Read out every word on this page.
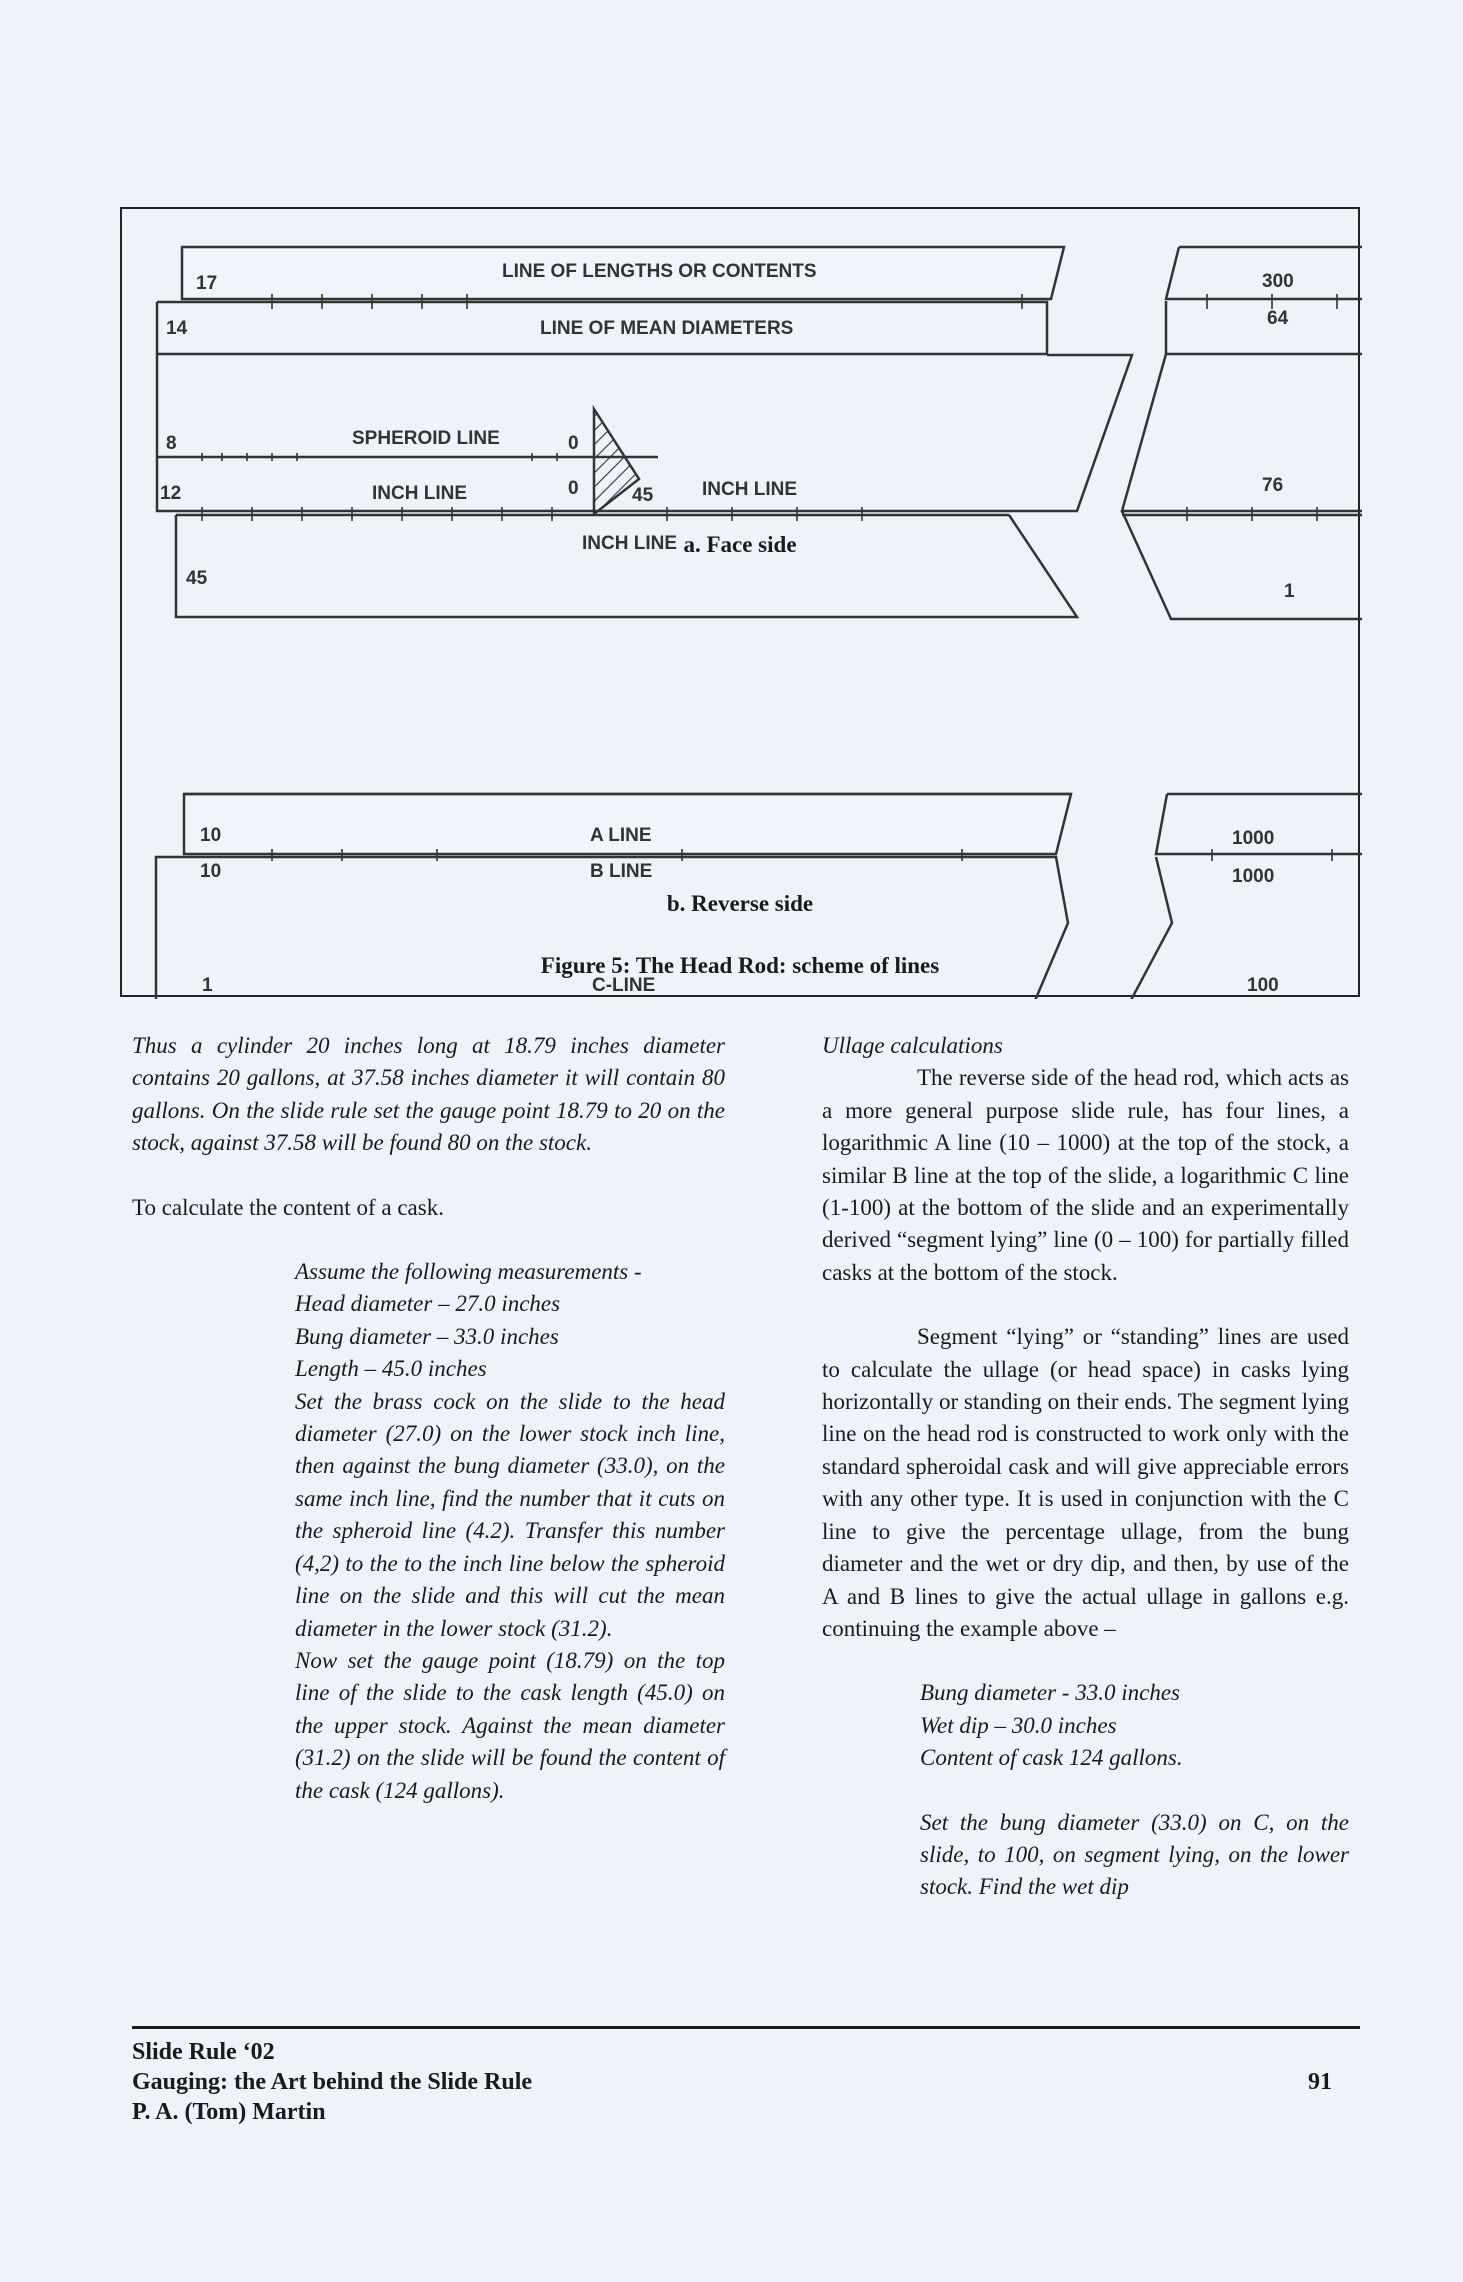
17
LINE OF LENGTHS OR CONTENTS	300
14	LINE OF MEAN DIAMETERS	64
8	SPHEROID LINE	0
12	INCH LINE	0	45	INCH LINE	76
45
INCH LINE
1
10	A LINE	1000
10	B LINE	1000
1	C-LINE	100
a. Face side
b. Reverse side
Figure 5: The Head Rod: scheme of lines

Thus a cylinder 20 inches long at 18.79 inches diameter contains 20 gallons, at 37.58 inches diameter it will contain 80 gallons. On the slide rule set the gauge point 18.79 to 20 on the stock, against 37.58 will be found 80 on the stock.

To calculate the content of a cask.

Assume the following measurements -

Head diameter – 27.0 inches

Bung diameter – 33.0 inches

Length – 45.0 inches

Set the brass cock on the slide to the head diameter (27.0) on the lower stock inch line, then against the bung diameter (33.0), on the same inch line, find the number that it cuts on the spheroid line (4.2). Transfer this number (4,2) to the to the inch line below the spheroid line on the slide and this will cut the mean diameter in the lower stock (31.2).

Now set the gauge point (18.79) on the top line of the slide to the cask length (45.0) on the upper stock. Against the mean diameter (31.2) on the slide will be found the content of the cask (124 gallons).

Ullage calculations

The reverse side of the head rod, which acts as a more general purpose slide rule, has four lines, a logarithmic A line (10 – 1000) at the top of the stock, a similar B line at the top of the slide, a logarithmic C line (1-100) at the bottom of the slide and an experimentally derived “segment lying” line (0 – 100) for partially filled casks at the bottom of the stock.

Segment “lying” or “standing” lines are used to calculate the ullage (or head space) in casks lying horizontally or standing on their ends. The segment lying line on the head rod is constructed to work only with the standard spheroidal cask and will give appreciable errors with any other type. It is used in conjunction with the C line to give the percentage ullage, from the bung diameter and the wet or dry dip, and then, by use of the A and B lines to give the actual ullage in gallons e.g. continuing the example above –

Bung diameter - 33.0 inches

Wet dip – 30.0 inches

Content of cask 124 gallons.

Set the bung diameter (33.0) on C, on the slide, to 100, on segment lying, on the lower stock. Find the wet dip

Slide Rule ‘02
Gauging: the Art behind the Slide Rule
P. A. (Tom) Martin
91
